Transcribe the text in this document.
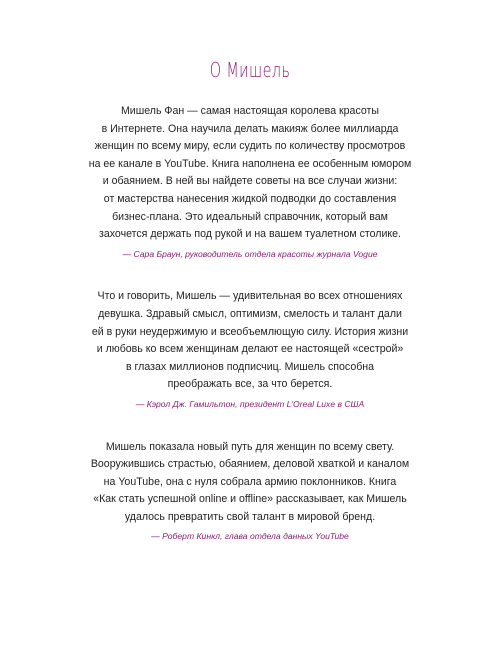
О Мишель

Мишель Фан — самая настоящая королева красоты
в Интернете. Она научила делать макияж более миллиарда
женщин по всему миру, если судить по количеству просмотров
на ее канале в YouTube. Книга наполнена ее особенным юмором
и обаянием. В ней вы найдете советы на все случаи жизни:
от мастерства нанесения жидкой подводки до составления
бизнес-плана. Это идеальный справочник, который вам
захочется держать под рукой и на вашем туалетном столике.

— Сара Браун, руководитель отдела красоты журнала Vogue

Что и говорить, Мишель — удивительная во всех отношениях
девушка. Здравый смысл, оптимизм, смелость и талант дали
ей в руки неудержимую и всеобъемлющую силу. История жизни
и любовь ко всем женщинам делают ее настоящей «сестрой»
в глазах миллионов подписчиц. Мишель способна
преображать все, за что берется.

— Кэрол Дж. Гамильтон, президент L'Oreal Luxe в США

Мишель показала новый путь для женщин по всему свету.
Вооружившись страстью, обаянием, деловой хваткой и каналом
на YouTube, она с нуля собрала армию поклонников. Книга
«Как стать успешной online и offline» рассказывает, как Мишель
удалось превратить свой талант в мировой бренд.

— Роберт Кинкл, глава отдела данных YouTube
